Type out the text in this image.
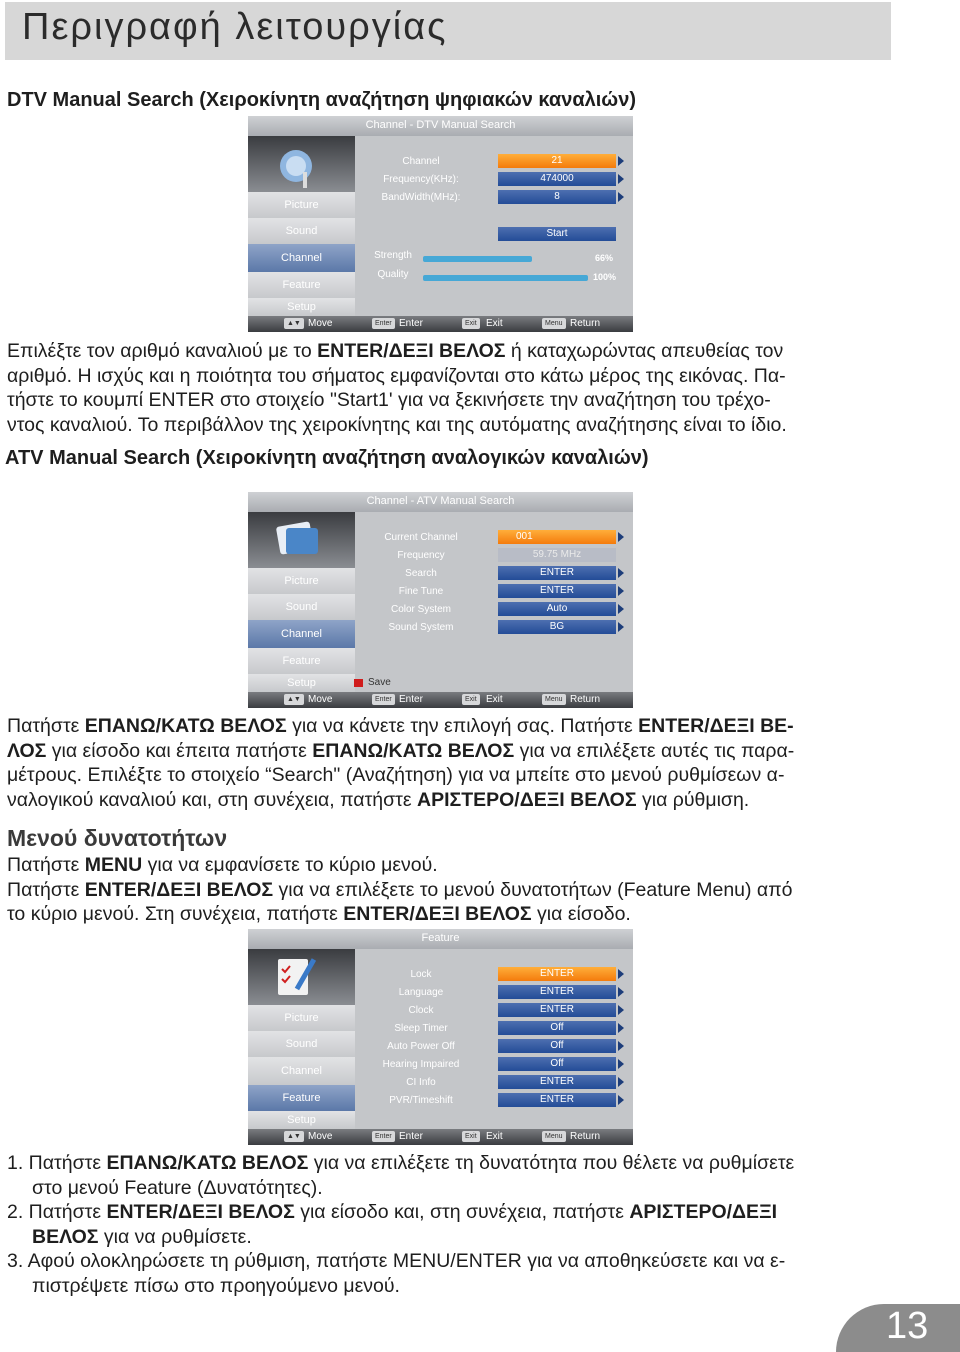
Περιγραφή λειτουργίας
DTV Manual Search (Χειροκίνητη αναζήτηση ψηφιακών καναλιών)
Channel - DTV Manual Search
Picture
Sound
Channel
Feature
Setup
Channel	21
Frequency(KHz):	474000
BandWidth(MHz):	8
Start
Strength	66%
Quality	100%
▲▼ Move	Enter Enter	Exit Exit	Menu Return
Επιλέξτε τον αριθμό καναλιού με το ENTER/ΔΕΞΙ ΒΕΛΟΣ ή καταχωρώντας απευθείας τον
αριθμό. Η ισχύς και η ποιότητα του σήματος εμφανίζονται στο κάτω μέρος της εικόνας. Πα-
τήστε το κουμπί ENTER στο στοιχείο "Start1' για να ξεκινήσετε την αναζήτηση του τρέχο-
ντος καναλιού. Το περιβάλλον της χειροκίνητης και της αυτόματης αναζήτησης είναι το ίδιο.
ATV Manual Search (Χειροκίνητη αναζήτηση αναλογικών καναλιών)
Channel - ATV Manual Search
Picture
Sound
Channel
Feature
Setup
Current Channel	001
Frequency	59.75 MHz
Search	ENTER
Fine Tune	ENTER
Color System	Auto
Sound System	BG
Save
▲▼ Move	Enter Enter	Exit Exit	Menu Return
Πατήστε ΕΠΑΝΩ/ΚΑΤΩ ΒΕΛΟΣ για να κάνετε την επιλογή σας. Πατήστε ENTER/ΔΕΞΙ ΒΕ-
ΛΟΣ για είσοδο και έπειτα πατήστε ΕΠΑΝΩ/ΚΑΤΩ ΒΕΛΟΣ για να επιλέξετε αυτές τις παρα-
μέτρους. Επιλέξτε το στοιχείο “Search" (Αναζήτηση) για να μπείτε στο μενού ρυθμίσεων α-
ναλογικού καναλιού και, στη συνέχεια, πατήστε ΑΡΙΣΤΕΡΟ/ΔΕΞΙ ΒΕΛΟΣ για ρύθμιση.
Μενού δυνατοτήτων
Πατήστε MENU για να εμφανίσετε το κύριο μενού.
Πατήστε ENTER/ΔΕΞΙ ΒΕΛΟΣ για να επιλέξετε το μενού δυνατοτήτων (Feature Menu) από
το κύριο μενού. Στη συνέχεια, πατήστε ENTER/ΔΕΞΙ ΒΕΛΟΣ για είσοδο.
Feature
Picture
Sound
Channel
Feature
Setup
Lock	ENTER
Language	ENTER
Clock	ENTER
Sleep Timer	Off
Auto Power Off	Off
Hearing Impaired	Off
CI Info	ENTER
PVR/Timeshift	ENTER
▲▼ Move	Enter Enter	Exit Exit	Menu Return
1. Πατήστε ΕΠΑΝΩ/ΚΑΤΩ ΒΕΛΟΣ για να επιλέξετε τη δυνατότητα που θέλετε να ρυθμίσετε
στο μενού Feature (Δυνατότητες).
2. Πατήστε ENTER/ΔΕΞΙ ΒΕΛΟΣ για είσοδο και, στη συνέχεια, πατήστε ΑΡΙΣΤΕΡΟ/ΔΕΞΙ
ΒΕΛΟΣ για να ρυθμίσετε.
3. Αφού ολοκληρώσετε τη ρύθμιση, πατήστε MENU/ENTER για να αποθηκεύσετε και να ε-
πιστρέψετε πίσω στο προηγούμενο μενού.
13
